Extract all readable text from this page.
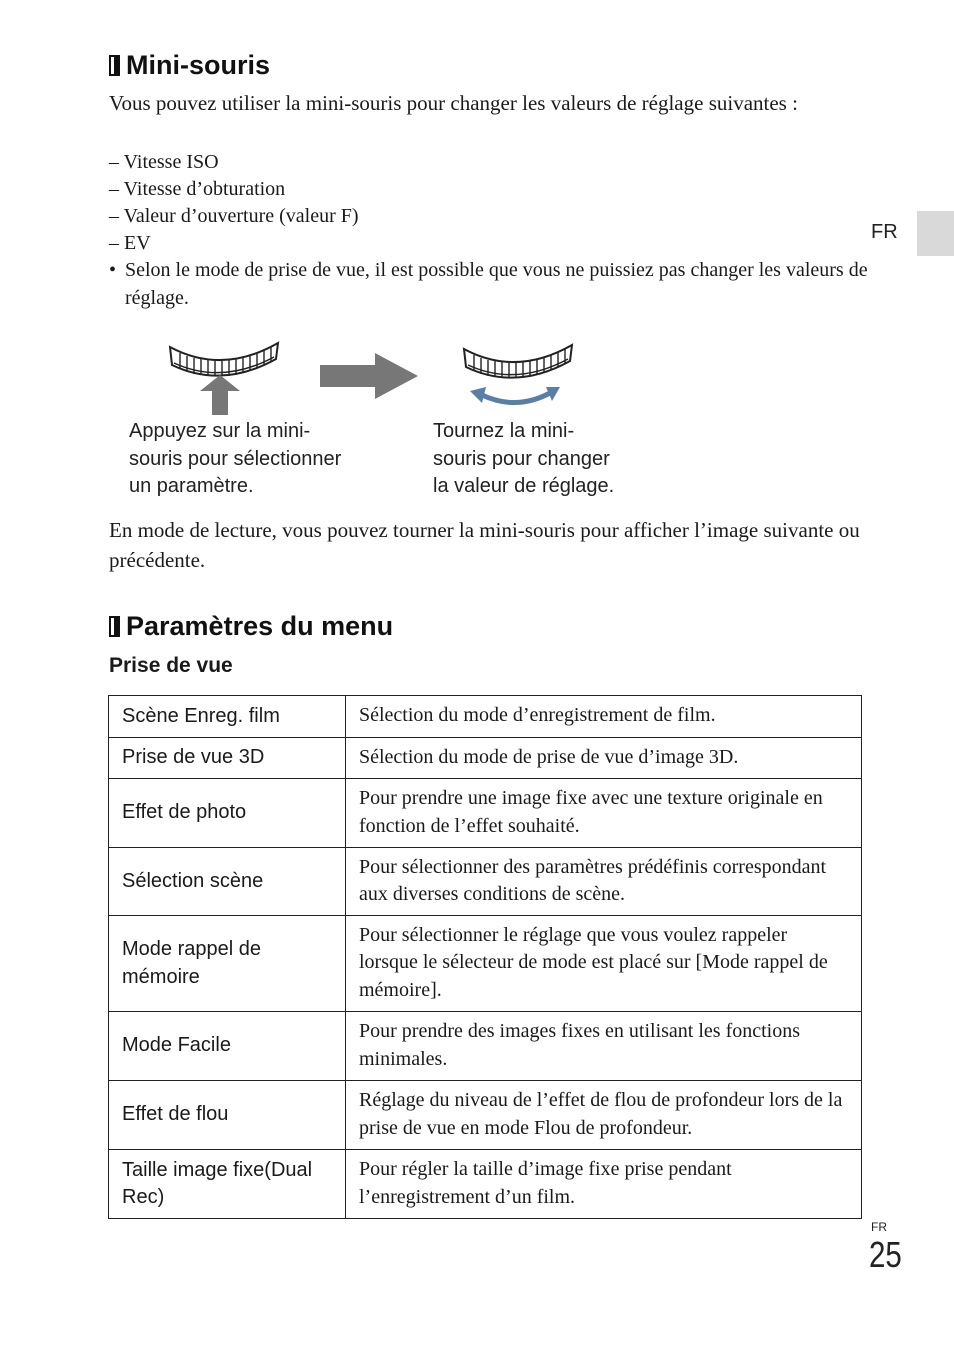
Mini-souris

Vous pouvez utiliser la mini-souris pour changer les valeurs de réglage suivantes :

– Vitesse ISO
– Vitesse d’obturation
– Valeur d’ouverture (valeur F)
– EV
• Selon le mode de prise de vue, il est possible que vous ne puissiez pas changer les valeurs de réglage.
FR

Appuyez sur la mini-
souris pour sélectionner
un paramètre.

Tournez la mini-
souris pour changer
la valeur de réglage.

En mode de lecture, vous pouvez tourner la mini-souris pour afficher l’image suivante ou précédente.

Paramètres du menu
Prise de vue
Scène Enreg. film	Sélection du mode d’enregistrement de film.
Prise de vue 3D	Sélection du mode de prise de vue d’image 3D.
Effet de photo	Pour prendre une image fixe avec une texture originale en fonction de l’effet souhaité.
Sélection scène	Pour sélectionner des paramètres prédéfinis correspondant aux diverses conditions de scène.
Mode rappel de mémoire	Pour sélectionner le réglage que vous voulez rappeler lorsque le sélecteur de mode est placé sur [Mode rappel de mémoire].
Mode Facile	Pour prendre des images fixes en utilisant les fonctions minimales.
Effet de flou	Réglage du niveau de l’effet de flou de profondeur lors de la prise de vue en mode Flou de profondeur.
Taille image fixe(Dual Rec)	Pour régler la taille d’image fixe prise pendant l’enregistrement d’un film.
FR
25
